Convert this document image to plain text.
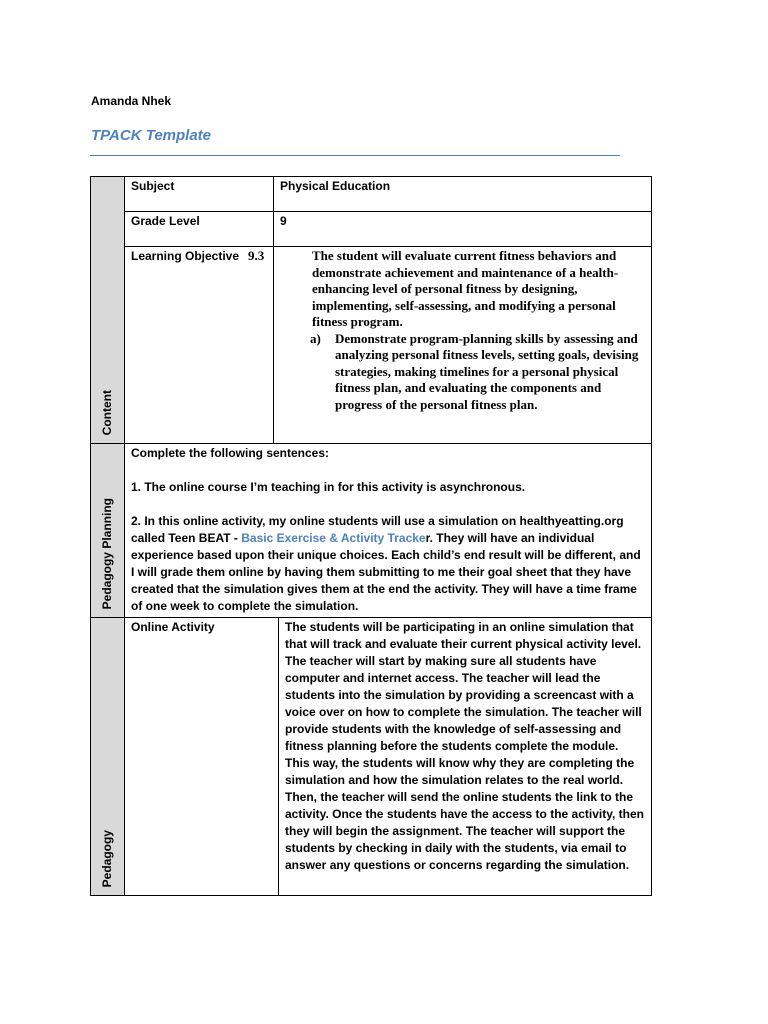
Amanda Nhek
TPACK Template
Content	Subject	Physical Education	
	Grade Level	9	
	Learning Objective	9.3 The student will evaluate current fitness behaviors and demonstrate achievement and maintenance of a health-enhancing level of personal fitness by designing, implementing, self-assessing, and modifying a personal fitness program.
a) Demonstrate program-planning skills by assessing and analyzing personal fitness levels, setting goals, devising strategies, making timelines for a personal physical fitness plan, and evaluating the components and progress of the personal fitness plan.	

Pedagogy Planning	Complete the following sentences:

1. The online course I’m teaching in for this activity is asynchronous.

2. In this online activity, my online students will use a simulation on healthyeatting.org called Teen BEAT - Basic Exercise & Activity Tracker. They will have an individual experience based upon their unique choices. Each child’s end result will be different, and I will grade them online by having them submitting to me their goal sheet that they have created that the simulation gives them at the end the activity. They will have a time frame of one week to complete the simulation.		

Pedagogy	Online Activity		The students will be participating in an online simulation that that will track and evaluate their current physical activity level. The teacher will start by making sure all students have computer and internet access. The teacher will lead the students into the simulation by providing a screencast with a voice over on how to complete the simulation. The teacher will provide students with the knowledge of self-assessing and fitness planning before the students complete the module. This way, the students will know why they are completing the simulation and how the simulation relates to the real world. Then, the teacher will send the online students the link to the activity. Once the students have the access to the activity, then they will begin the assignment. The teacher will support the students by checking in daily with the students, via email to answer any questions or concerns regarding the simulation.
